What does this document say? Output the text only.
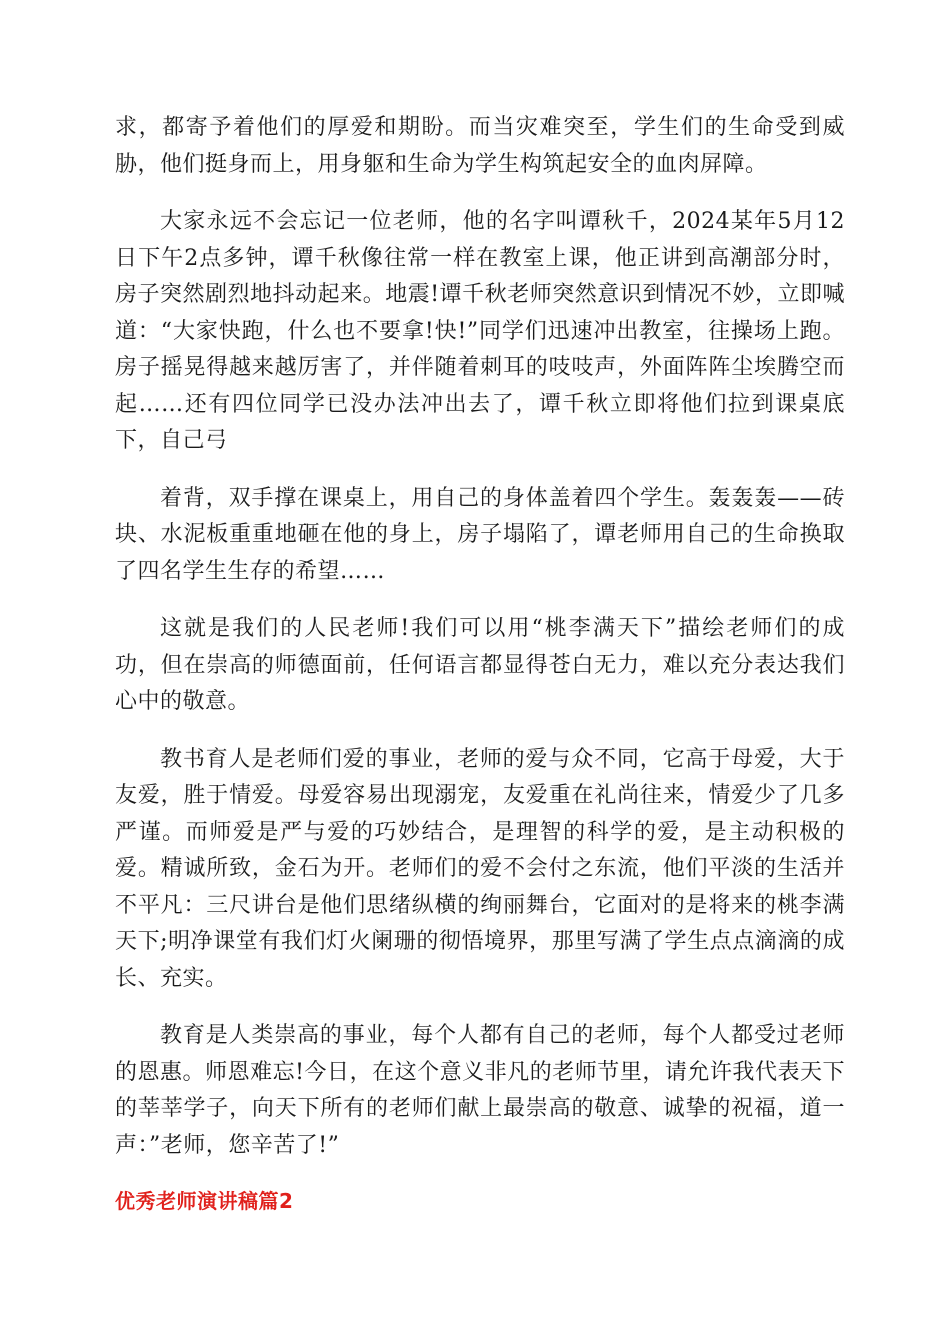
求，都寄予着他们的厚爱和期盼。而当灾难突至，学生们的生命受到威胁，他们挺身而上，用身躯和生命为学生构筑起安全的血肉屏障。

大家永远不会忘记一位老师，他的名字叫谭秋千，2024某年5月12日下午2点多钟，谭千秋像往常一样在教室上课，他正讲到高潮部分时，房子突然剧烈地抖动起来。地震!谭千秋老师突然意识到情况不妙，立即喊道：“大家快跑，什么也不要拿!快!”同学们迅速冲出教室，往操场上跑。房子摇晃得越来越厉害了，并伴随着刺耳的吱吱声，外面阵阵尘埃腾空而起……还有四位同学已没办法冲出去了，谭千秋立即将他们拉到课桌底下，自己弓

着背，双手撑在课桌上，用自己的身体盖着四个学生。轰轰轰——砖块、水泥板重重地砸在他的身上，房子塌陷了，谭老师用自己的生命换取了四名学生生存的希望……

这就是我们的人民老师!我们可以用“桃李满天下”描绘老师们的成功，但在崇高的师德面前，任何语言都显得苍白无力，难以充分表达我们心中的敬意。

教书育人是老师们爱的事业，老师的爱与众不同，它高于母爱，大于友爱，胜于情爱。母爱容易出现溺宠，友爱重在礼尚往来，情爱少了几多严谨。而师爱是严与爱的巧妙结合，是理智的科学的爱，是主动积极的爱。精诚所致，金石为开。老师们的爱不会付之东流，他们平淡的生活并不平凡：三尺讲台是他们思绪纵横的绚丽舞台，它面对的是将来的桃李满天下;明净课堂有我们灯火阑珊的彻悟境界，那里写满了学生点点滴滴的成长、充实。

教育是人类崇高的事业，每个人都有自己的老师，每个人都受过老师的恩惠。师恩难忘!今日，在这个意义非凡的老师节里，请允许我代表天下的莘莘学子，向天下所有的老师们献上最崇高的敬意、诚挚的祝福，道一声：”老师，您辛苦了!”

优秀老师演讲稿篇2
